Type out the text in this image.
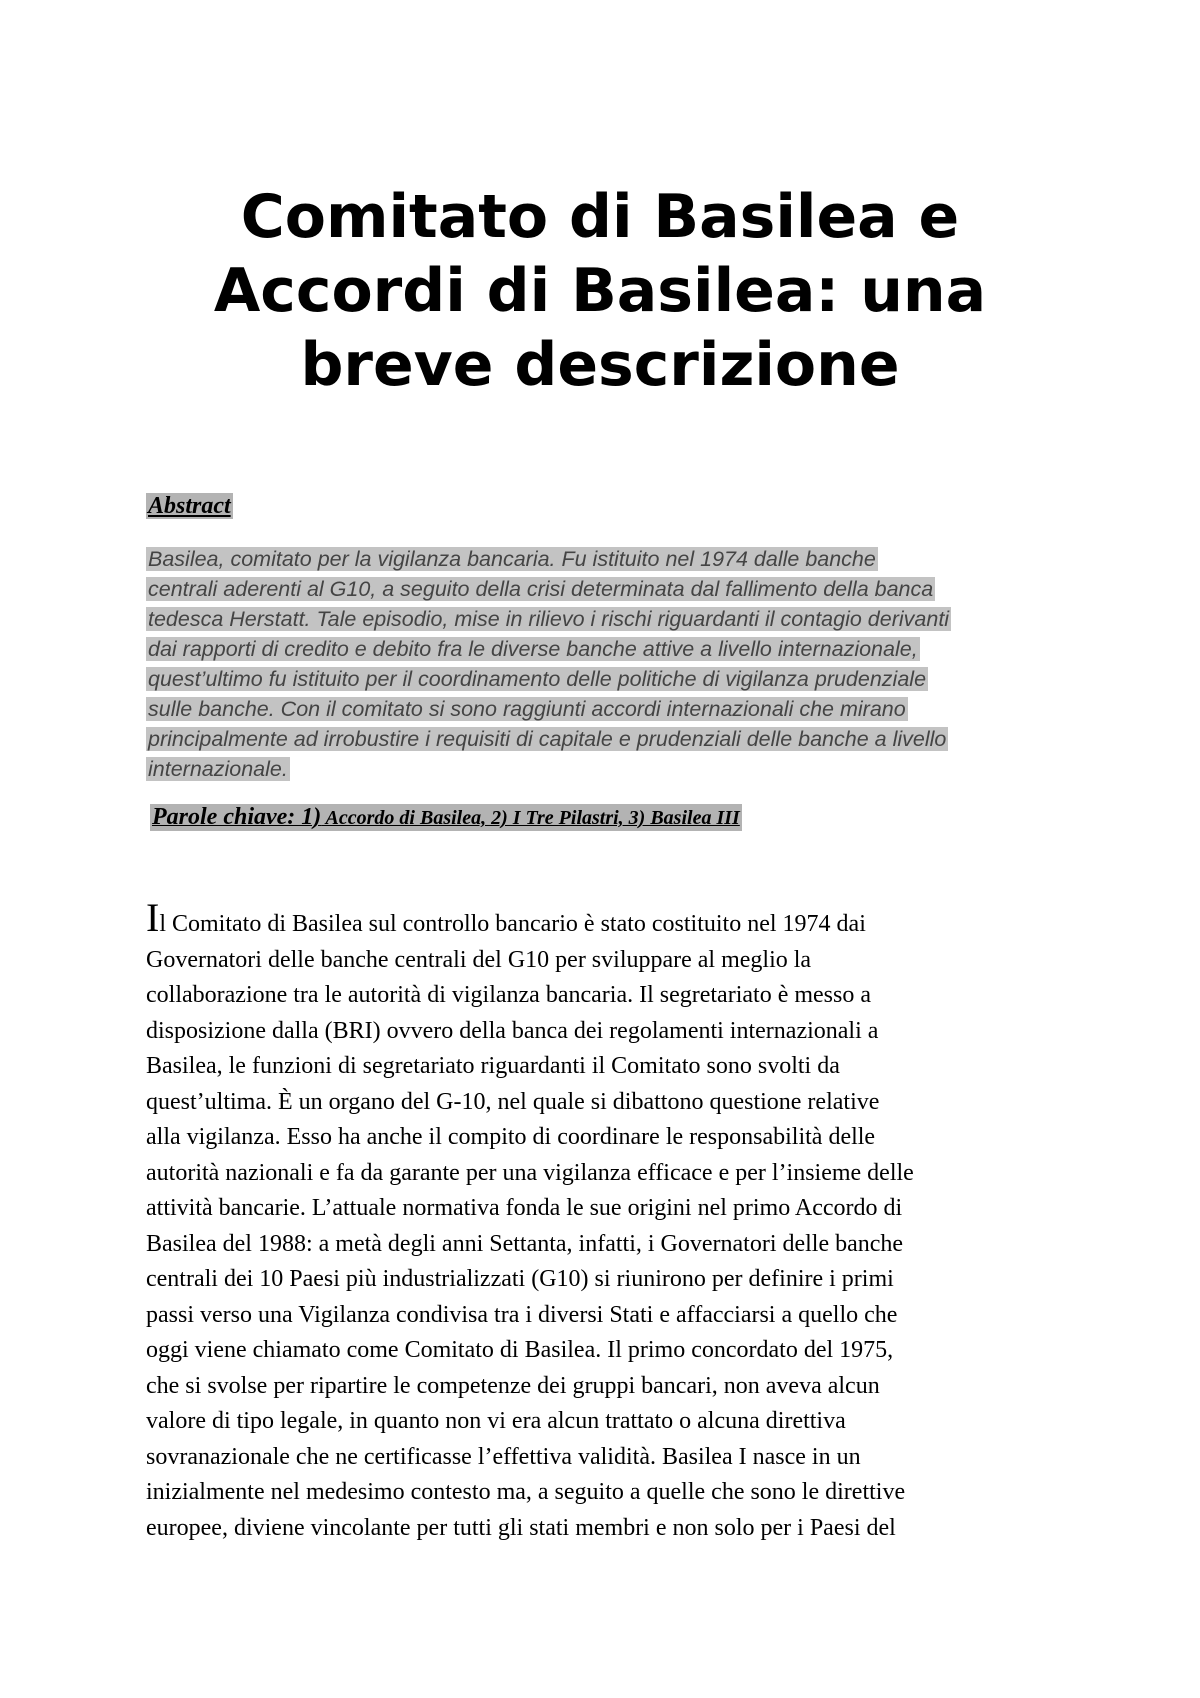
Comitato di Basilea e
Accordi di Basilea: una
breve descrizione
Abstract
Basilea, comitato per la vigilanza bancaria. Fu istituito nel 1974 dalle banche
centrali aderenti al G10, a seguito della crisi determinata dal fallimento della banca
tedesca Herstatt. Tale episodio, mise in rilievo i rischi riguardanti il contagio derivanti
dai rapporti di credito e debito fra le diverse banche attive a livello internazionale,
quest’ultimo fu istituito per il coordinamento delle politiche di vigilanza prudenziale
sulle banche. Con il comitato si sono raggiunti accordi internazionali che mirano
principalmente ad irrobustire i requisiti di capitale e prudenziali delle banche a livello
internazionale.
Parole chiave: 1) Accordo di Basilea, 2) I Tre Pilastri, 3) Basilea III
Il Comitato di Basilea sul controllo bancario è stato costituito nel 1974 dai
Governatori delle banche centrali del G10 per sviluppare al meglio la
collaborazione tra le autorità di vigilanza bancaria. Il segretariato è messo a
disposizione dalla (BRI) ovvero della banca dei regolamenti internazionali a
Basilea, le funzioni di segretariato riguardanti il Comitato sono svolti da
quest’ultima. È un organo del G-10, nel quale si dibattono questione relative
alla vigilanza. Esso ha anche il compito di coordinare le responsabilità delle
autorità nazionali e fa da garante per una vigilanza efficace e per l’insieme delle
attività bancarie. L’attuale normativa fonda le sue origini nel primo Accordo di
Basilea del 1988: a metà degli anni Settanta, infatti, i Governatori delle banche
centrali dei 10 Paesi più industrializzati (G10) si riunirono per definire i primi
passi verso una Vigilanza condivisa tra i diversi Stati e affacciarsi a quello che
oggi viene chiamato come Comitato di Basilea. Il primo concordato del 1975,
che si svolse per ripartire le competenze dei gruppi bancari, non aveva alcun
valore di tipo legale, in quanto non vi era alcun trattato o alcuna direttiva
sovranazionale che ne certificasse l’effettiva validità. Basilea I nasce in un
inizialmente nel medesimo contesto ma, a seguito a quelle che sono le direttive
europee, diviene vincolante per tutti gli stati membri e non solo per i Paesi del
